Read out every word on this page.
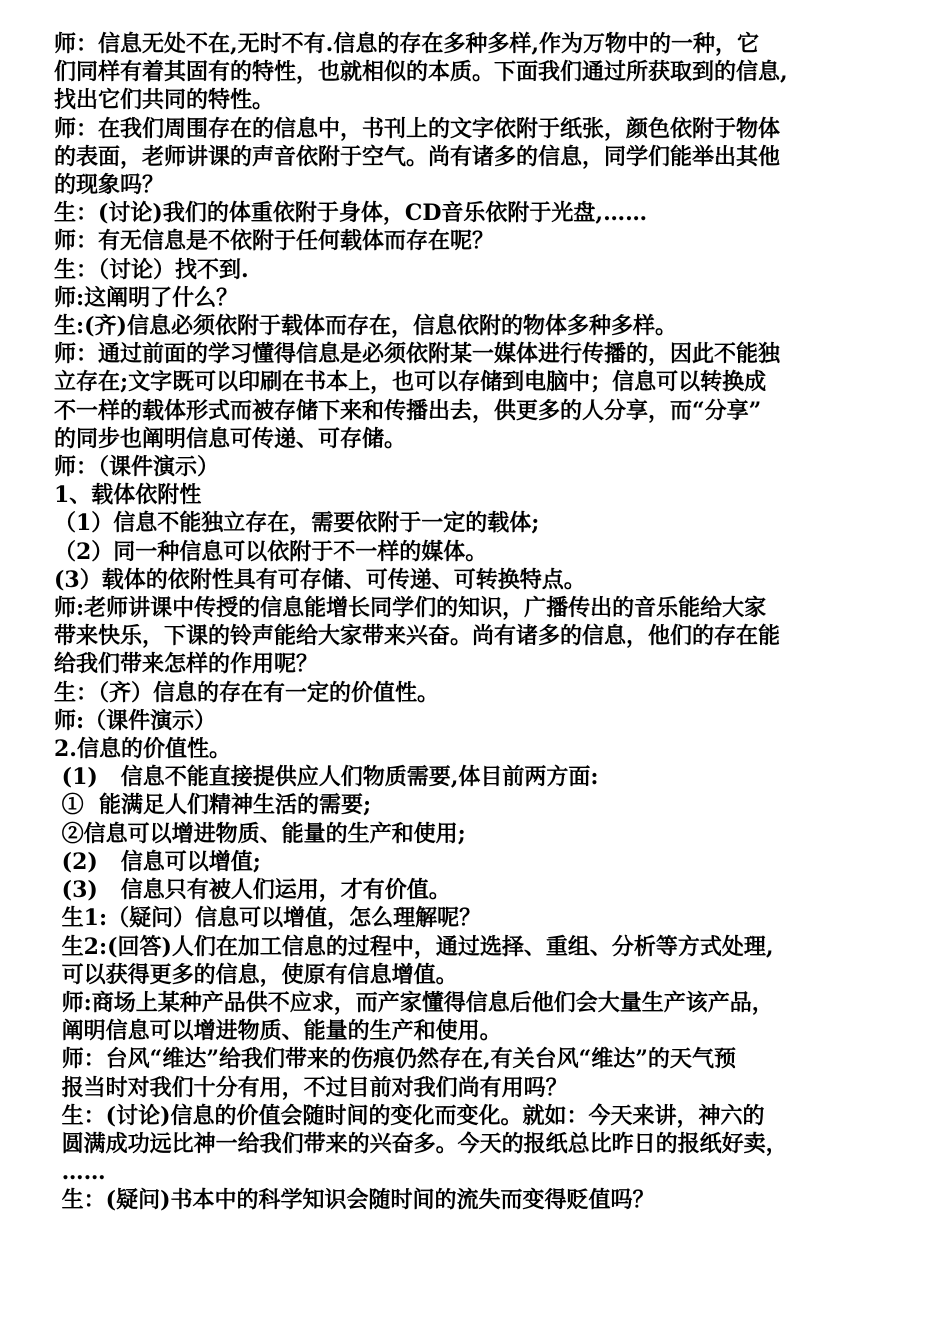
师：信息无处不在,无时不有.信息的存在多种多样,作为万物中的一种，它
们同样有着其固有的特性，也就相似的本质。下面我们通过所获取到的信息,
找出它们共同的特性。
师：在我们周围存在的信息中，书刊上的文字依附于纸张，颜色依附于物体
的表面，老师讲课的声音依附于空气。尚有诸多的信息，同学们能举出其他
的现象吗？
生：(讨论)我们的体重依附于身体，CD音乐依附于光盘,……
师：有无信息是不依附于任何载体而存在呢？
生：（讨论）找不到.
师:这阐明了什么？
生:(齐)信息必须依附于载体而存在，信息依附的物体多种多样。
师：通过前面的学习懂得信息是必须依附某一媒体进行传播的，因此不能独
立存在;文字既可以印刷在书本上，也可以存储到电脑中；信息可以转换成
不一样的载体形式而被存储下来和传播出去，供更多的人分享，而“分享”
的同步也阐明信息可传递、可存储。
师：（课件演示）
1、载体依附性
（1）信息不能独立存在，需要依附于一定的载体;
（2）同一种信息可以依附于不一样的媒体。
(3）载体的依附性具有可存储、可传递、可转换特点。
师:老师讲课中传授的信息能增长同学们的知识，广播传出的音乐能给大家
带来快乐，下课的铃声能给大家带来兴奋。尚有诸多的信息，他们的存在能
给我们带来怎样的作用呢？
生：（齐）信息的存在有一定的价值性。
师:（课件演示）
2.信息的价值性。
(1)   信息不能直接提供应人们物质需要,体目前两方面:
①  能满足人们精神生活的需要;
②信息可以增进物质、能量的生产和使用;
(2)   信息可以增值;
(3)   信息只有被人们运用，才有价值。
生1:（疑问）信息可以增值，怎么理解呢？
生2:(回答)人们在加工信息的过程中，通过选择、重组、分析等方式处理,
可以获得更多的信息，使原有信息增值。
师:商场上某种产品供不应求，而产家懂得信息后他们会大量生产该产品，
阐明信息可以增进物质、能量的生产和使用。
师：台风“维达”给我们带来的伤痕仍然存在,有关台风“维达”的天气预
报当时对我们十分有用，不过目前对我们尚有用吗？
生：(讨论)信息的价值会随时间的变化而变化。就如：今天来讲，神六的
圆满成功远比神一给我们带来的兴奋多。今天的报纸总比昨日的报纸好卖，
……
生：(疑问)书本中的科学知识会随时间的流失而变得贬值吗？
